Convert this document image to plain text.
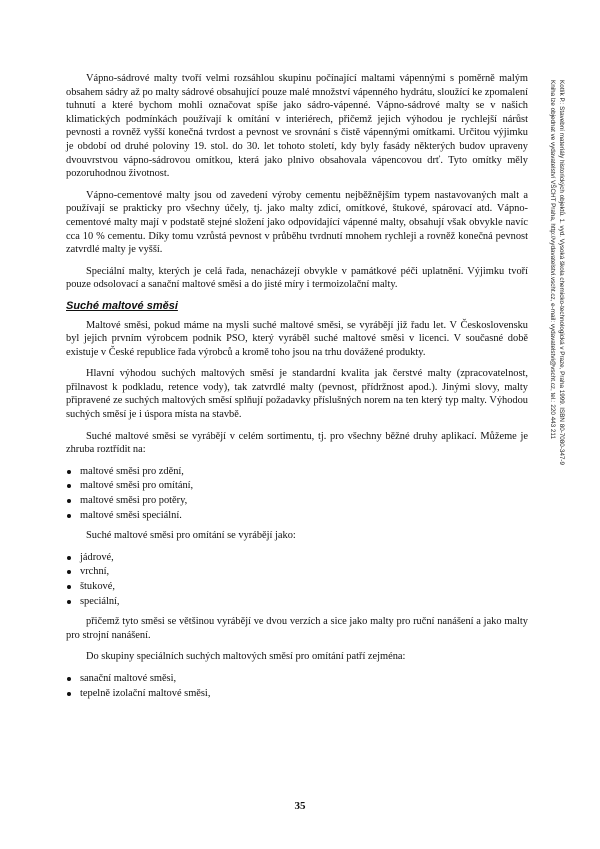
Vápno-sádrové malty tvoří velmi rozsáhlou skupinu počínající maltami vápennými s poměrně malým obsahem sádry až po malty sádrové obsahující pouze malé množství vápenného hydrátu, sloužící ke zpomalení tuhnutí a které bychom mohli označovat spíše jako sádro-vápenné. Vápno-sádrové malty se v našich klimatických podmínkách používají k omítání v interiérech, přičemž jejich výhodou je rychlejší nárůst pevnosti a rovněž vyšší konečná tvrdost a pevnost ve srovnání s čistě vápennými omítkami. Určitou výjimku je období od druhé poloviny 19. stol. do 30. let tohoto století, kdy byly fasády některých budov upraveny dvouvrstvou vápno-sádrovou omítkou, která jako plnivo obsahovala vápencovou drť. Tyto omítky měly pozoruhodnou životnost.

Vápno-cementové malty jsou od zavedení výroby cementu nejběžnějším typem nastavovaných malt a používají se prakticky pro všechny účely, tj. jako malty zdicí, omítkové, štukové, spárovací atd. Vápno-cementové malty mají v podstatě stejné složení jako odpovídající vápenné malty, obsahují však obvykle navíc cca 10 % cementu. Díky tomu vzrůstá pevnost v průběhu tvrdnutí mnohem rychleji a rovněž konečná pevnost zatvrdlé malty je vyšší.

Speciální malty, kterých je celá řada, nenacházejí obvykle v památkové péči uplatnění. Výjimku tvoří pouze odsolovací a sanační maltové směsi a do jisté míry i termoizolační malty.

Suché maltové směsi

Maltové směsi, pokud máme na mysli suché maltové směsi, se vyrábějí již řadu let. V Československu byl jejich prvním výrobcem podnik PSO, který vyráběl suché maltové směsi v licenci. V současné době existuje v České republice řada výrobců a kromě toho jsou na trhu dovážené produkty.

Hlavní výhodou suchých maltových směsí je standardní kvalita jak čerstvé malty (zpracovatelnost, přilnavost k podkladu, retence vody), tak zatvrdlé malty (pevnost, přídržnost apod.). Jinými slovy, malty připravené ze suchých maltových směsí splňují požadavky příslušných norem na ten který typ malty. Výhodou suchých směsí je i úspora místa na stavbě.

Suché maltové směsi se vyrábějí v celém sortimentu, tj. pro všechny běžné druhy aplikací. Můžeme je zhruba roztřídit na:

maltové směsi pro zdění,
maltové směsi pro omítání,
maltové směsi pro potěry,
maltové směsi speciální.

Suché maltové směsi pro omítání se vyrábějí jako:

jádrové,
vrchní,
štukové,
speciální,

přičemž tyto směsi se většinou vyrábějí ve dvou verzích a sice jako malty pro ruční nanášení a jako malty pro strojní nanášení.

Do skupiny speciálních suchých maltových směsí pro omítání patří zejména:

sanační maltové směsi,
tepelně izolační maltové směsi,
35
Kotlík P.: Stavební materiály historických objektů. 1. vyd. Vysoká škola chemicko-technologická v Praze, Praha 1999. ISBN 80-7080-347-9
Kniha lze objednat ve vydavatelství VŠCHT Praha, http://vydavatelstvi.vscht.cz, e-mail: vydavatelstvi@vscht.cz, tel.: 220 443 211
